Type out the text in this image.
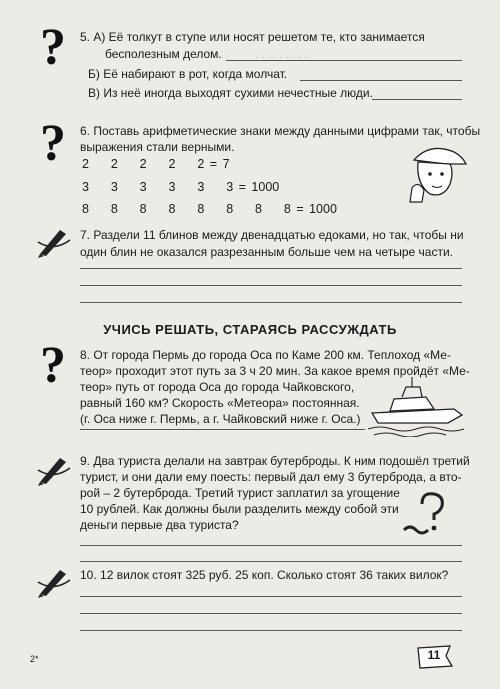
· · · · · · · · ·
? 5. А) Её толкут в ступе или носят решетом те, кто занимается
бесполезным делом.
Б) Её набирают в рот, когда молчат.
В) Из неё иногда выходят сухими нечестные люди.
? 6. Поставь арифметические знаки между данными цифрами так, чтобы
выражения стали верными.
2    2    2    2    2 = 7
3    3    3    3    3    3 = 1000
8    8    8    8    8    8    8    8 = 1000
7. Раздели 11 блинов между двенадцатью едоками, но так, чтобы ни
один блин не оказался разрезанным больше чем на четыре части.
УЧИСЬ РЕШАТЬ, СТАРАЯСЬ РАССУЖДАТЬ
? 8. От города Пермь до города Оса по Каме 200 км. Теплоход «Ме-
теор» проходит этот путь за 3 ч 20 мин. За какое время пройдёт «Ме-
теор» путь от города Оса до города Чайковского,
равный 160 км? Скорость «Метеора» постоянная.
(г. Оса ниже г. Пермь, а г. Чайковский ниже г. Оса.)
9. Два туриста делали на завтрак бутерброды. К ним подошёл третий
турист, и они дали ему поесть: первый дал ему 3 бутерброда, а вто-
рой – 2 бутерброда. Третий турист заплатил за угощение
10 рублей. Как должны были разделить между собой эти
деньги первые два туриста?
10. 12 вилок стоят 325 руб. 25 коп. Сколько стоят 36 таких вилок?
2*	11
